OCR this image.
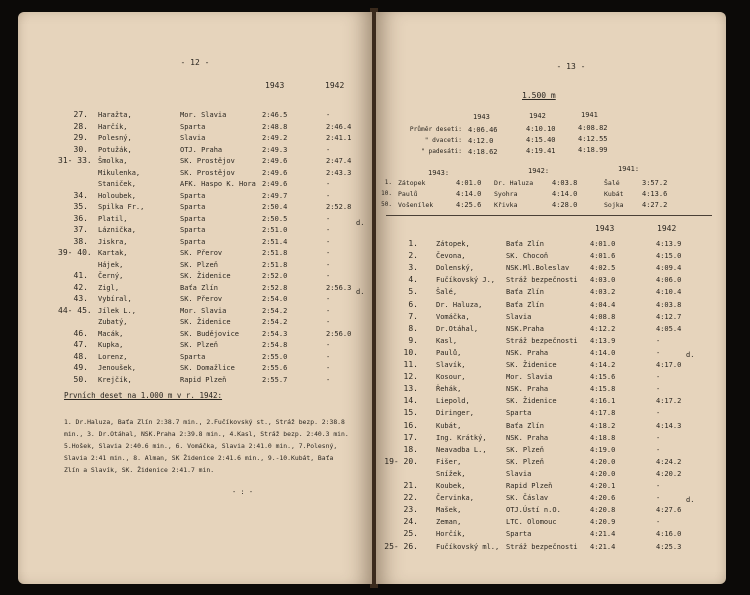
- 12 -
1943	1942
27. Haražta,	Mor. Slavia	2:46.5	-
28. Harčík,	Sparta	2:48.8	2:46.4
29. Polesný,	Slavia	2:49.2	2:41.1
30. Potužák,	OTJ. Praha	2:49.3	-
31- 33. Šmolka,	SK. Prostějov	2:49.6	2:47.4
Mikulenka,	SK. Prostějov	2:49.6	2:43.3
Staniček,	AFK. Haspo K. Hora 2:49.6	-
34. Holoubek,	Sparta	2:49.7	-
35. Spilka Fr.,	Sparta	2:50.4	2:52.8
36. Platil,	Sparta	2:50.5	-	d.
37. Láznička,	Sparta	2:51.0	-
38. Jiskra,	Sparta	2:51.4	-
39- 40. Kartak,	SK. Přerov	2:51.8	-
Hájek,	SK. Plzeň	2:51.8	-
41. Černý,	SK. Židenice	2:52.0	-
42. Zigl,	Baťa Zlín	2:52.8	2:56.3 d.
43. Vybíral,	SK. Přerov	2:54.0	-
44- 45. Jílek L.,	Mor. Slavia	2:54.2	-
Zubatý,	SK. Židenice	2:54.2	-
46. Macák,	SK. Budějovice	2:54.3	2:56.0
47. Kupka,	SK. Plzeň	2:54.8	-
48. Lorenz,	Sparta	2:55.0	-
49. Jenoušek,	SK. Domažlice	2:55.6	-
50. Krejčík,	Rapid Plzeň	2:55.7	-
Prvních deset na 1.000 m v r. 1942:
1. Dr.Haluza, Baťa Zlín 2:38.7 min., 2.Fučíkovský st., Stráž bezp. 2:38.8
min., 3. Dr.Otáhal, NSK.Praha 2:39.8 min., 4.Kasl, Stráž bezp. 2:40.3 min.
5.Hošek, Slavia 2:40.6 min., 6. Vomáčka, Slavia 2:41.0 min., 7.Polesný,
Slavia 2:41 min., 8. Alman, SK Židenice 2:41.6 min., 9.-10.Kubát, Baťa
Zlín a Slavík, SK. Židenice 2:41.7 min.
- : -
- 13 -
1.500 m
1943	1942	1941
Průměr deseti: 4:06.46	4:10.10	4:08.82
" dvaceti: 4:12.0	4:15.40	4:12.55
" padesáti: 4:18.62	4:19.41	4:18.99
1943:	1942:	1941:
1. Zátopek	4:01.0 Dr. Haluza	4:03.8	Šalé	3:57.2
10. Paulů	4:14.0 Syohra	4:14.0	Kubát	4:13.6
50. Vošenílek	4:25.6 Křivka	4:28.0	Sojka	4:27.2
1943	1942
1.	Zátopek,	Baťa Zlín	4:01.0	4:13.9
2.	Čevona,	SK. Chocoň	4:01.6	4:15.0
3.	Dolenský,	NSK.Ml.Boleslav	4:02.5	4:09.4
4.	Fučíkovský J., Stráž bezpečnosti 4:03.0	4:06.0
5.	Šalé,	Baťa Zlín	4:03.2	4:10.4
6.	Dr. Haluza,	Baťa Zlín	4:04.4	4:03.8
7.	Vomáčka,	Slavia	4:08.8	4:12.7
8.	Dr.Otáhal,	NSK.Praha	4:12.2	4:05.4
9.	Kasl,	Stráž bezpečnosti 4:13.9	-
10.	Paulů,	NSK. Praha	4:14.0	-	d.
11.	Slavík,	SK. Židenice	4:14.2	4:17.0
12.	Kosour,	Mor. Slavia	4:15.6	-
13.	Řehák,	NSK. Praha	4:15.8	-
14.	Liepold,	SK. Židenice	4:16.1	4:17.2
15.	Diringer,	Sparta	4:17.8	-
16.	Kubát,	Baťa Zlín	4:18.2	4:14.3
17.	Ing. Krátký,	NSK. Praha	4:18.8	-
18.	Neavadba L.,	SK. Plzeň	4:19.0	-
19- 20.	Fišer,	SK. Plzeň	4:20.0	4:24.2
Snížek,	Slavia	4:20.0	4:20.2
21.	Koubek,	Rapid Plzeň	4:20.1	-
22.	Červinka,	SK. Čáslav	4:20.6	-	d.
23.	Mašek,	OTJ.Ústí n.O.	4:20.8	4:27.6
24.	Zeman,	LTC. Olomouc	4:20.9	-
25.	Horčík,	Sparta	4:21.4	4:16.0
25- 26.	Fučíkovský ml., Stráž bezpečnosti 4:21.4	4:25.3
